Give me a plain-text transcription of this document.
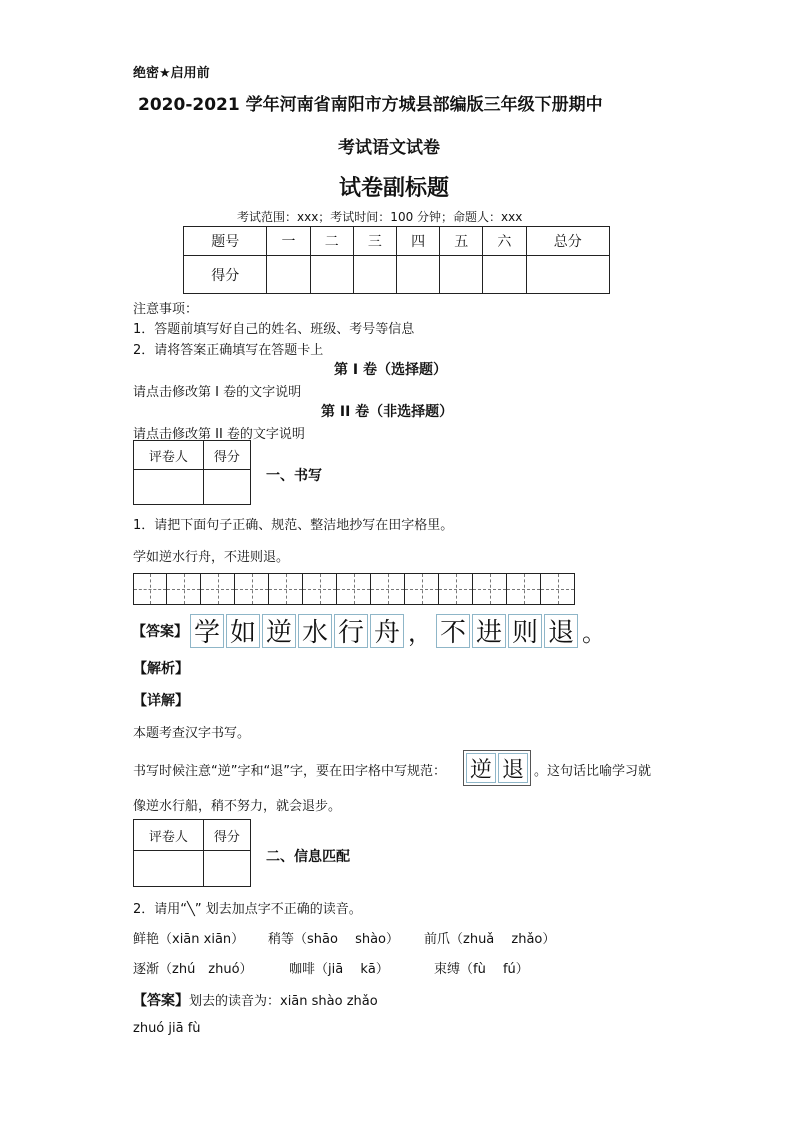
绝密★启用前
2020-2021 学年河南省南阳市方城县部编版三年级下册期中
考试语文试卷
试卷副标题
考试范围：xxx；考试时间：100 分钟；命题人：xxx
题号	一	二	三	四	五	六	总分
得分							
注意事项：
1．答题前填写好自己的姓名、班级、考号等信息
2．请将答案正确填写在答题卡上
第 I 卷（选择题）
请点击修改第 I 卷的文字说明
第 II 卷（非选择题）
请点击修改第 II 卷的文字说明
评卷人	得分

一、书写
1．请把下面句子正确、规范、整洁地抄写在田字格里。
学如逆水行舟，不进则退。
【答案】 学 如 逆 水 行 舟 ， 不 进 则 退 。
【解析】
【详解】
本题考查汉字书写。
书写时候注意“逆”字和“退”字，要在田字格中写规范： 逆 退 。这句话比喻学习就
像逆水行船，稍不努力，就会退步。
评卷人	得分

二、信息匹配
2．请用“╲” 划去加点字不正确的读音。
鲜艳（xiān xiān） 稍等（shāo　 shào） 前爪（zhuǎ　 zhǎo）
逐渐（zhú　zhuó）	咖啡（jiā　 kā）	束缚（fù　 fú）
【答案】划去的读音为：xiān shào zhǎo
zhuó jiā fù
